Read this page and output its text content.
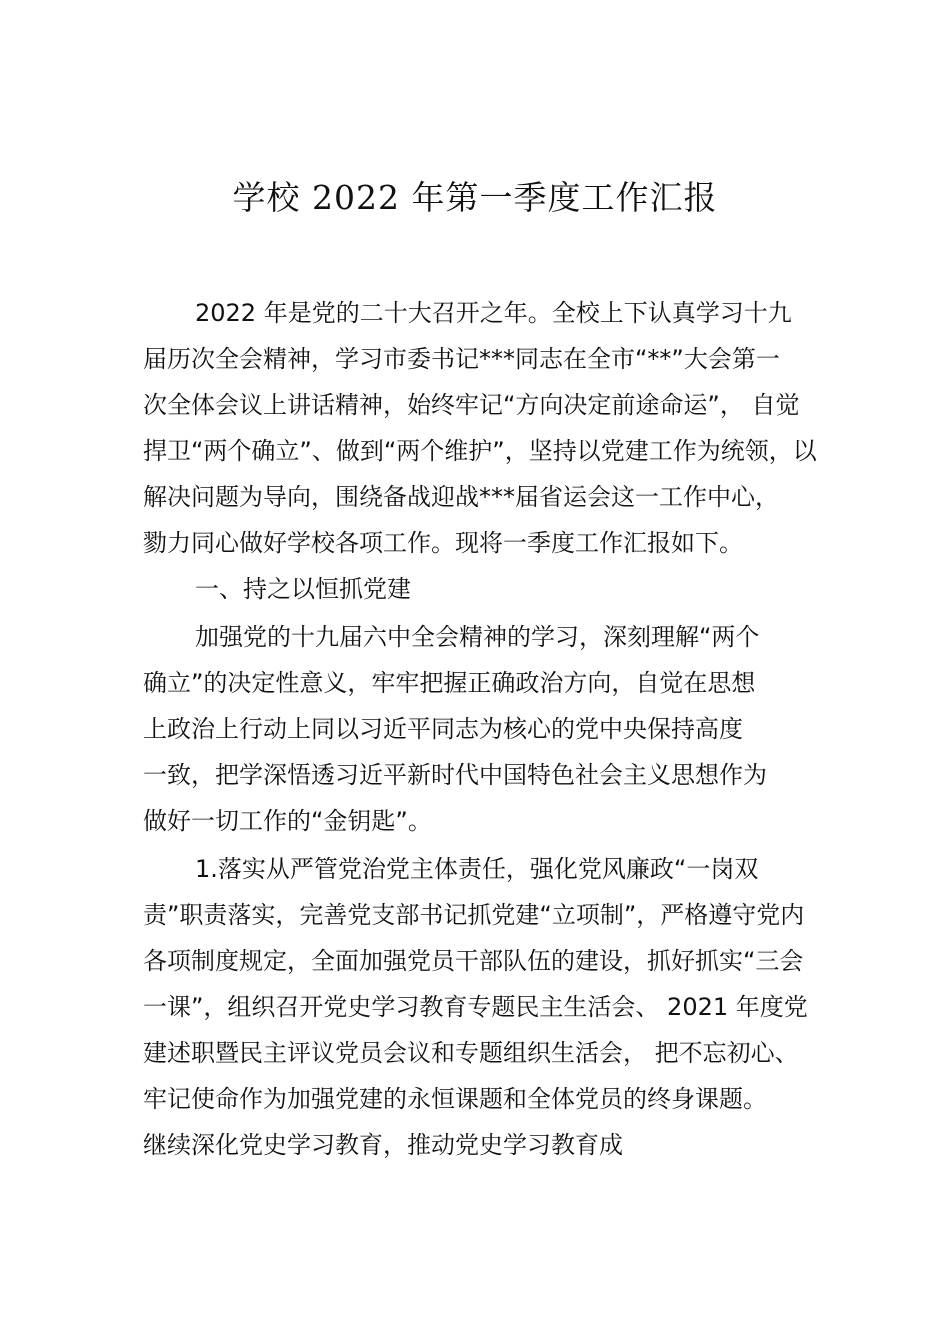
学校 2022 年第一季度工作汇报

2022 年是党的二十大召开之年。全校上下认真学习十九

届历次全会精神，学习市委书记***同志在全市“**”大会第一

次全体会议上讲话精神，始终牢记“方向决定前途命运”， 自觉

捍卫“两个确立”、做到“两个维护”，坚持以党建工作为统领，以

解决问题为导向，围绕备战迎战***届省运会这一工作中心，

勠力同心做好学校各项工作。现将一季度工作汇报如下。

一、持之以恒抓党建

加强党的十九届六中全会精神的学习，深刻理解“两个

确立”的决定性意义，牢牢把握正确政治方向，自觉在思想

上政治上行动上同以习近平同志为核心的党中央保持高度

一致，把学深悟透习近平新时代中国特色社会主义思想作为

做好一切工作的“金钥匙”。

1.落实从严管党治党主体责任，强化党风廉政“一岗双

责”职责落实，完善党支部书记抓党建“立项制”，严格遵守党内

各项制度规定，全面加强党员干部队伍的建设，抓好抓实“三会

一课”，组织召开党史学习教育专题民主生活会、 2021 年度党

建述职暨民主评议党员会议和专题组织生活会， 把不忘初心、

牢记使命作为加强党建的永恒课题和全体党员的终身课题。

继续深化党史学习教育，推动党史学习教育成
